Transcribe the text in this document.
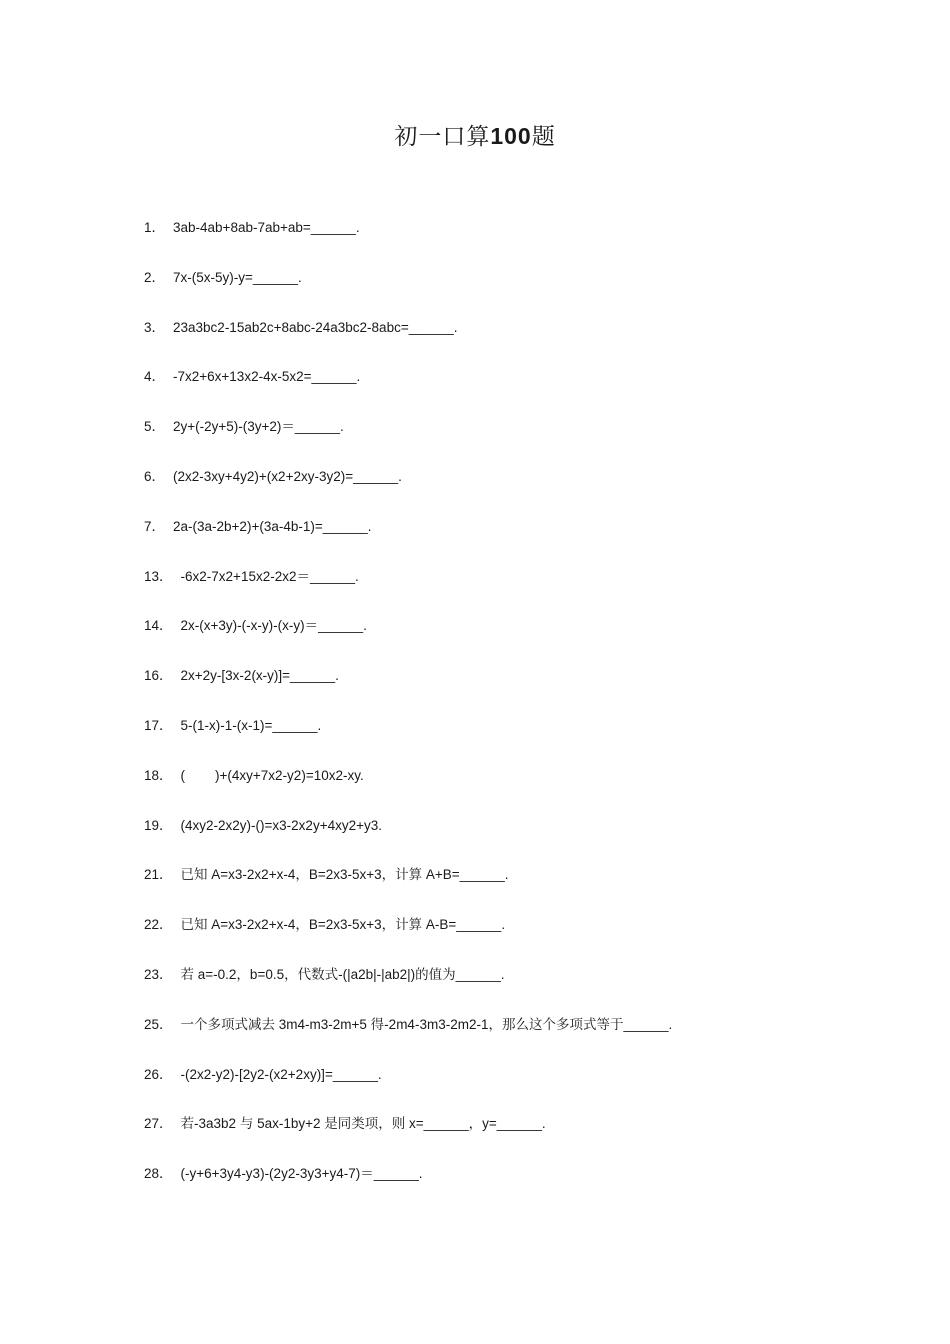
初一口算100题
1． 3ab-4ab+8ab-7ab+ab=______.
2． 7x-(5x-5y)-y=______.
3． 23a3bc2-15ab2c+8abc-24a3bc2-8abc=______.
4． -7x2+6x+13x2-4x-5x2=______.
5． 2y+(-2y+5)-(3y+2)＝______.
6． (2x2-3xy+4y2)+(x2+2xy-3y2)=______.
7． 2a-(3a-2b+2)+(3a-4b-1)=______.
13． -6x2-7x2+15x2-2x2＝______.
14． 2x-(x+3y)-(-x-y)-(x-y)＝______.
16． 2x+2y-[3x-2(x-y)]=______.
17． 5-(1-x)-1-(x-1)=______.
18． (        )+(4xy+7x2-y2)=10x2-xy.
19． (4xy2-2x2y)-()=x3-2x2y+4xy2+y3.
21． 已知 A=x3-2x2+x-4，B=2x3-5x+3，计算 A+B=______.
22． 已知 A=x3-2x2+x-4，B=2x3-5x+3，计算 A-B=______.
23． 若 a=-0.2，b=0.5，代数式-(|a2b|-|ab2|)的值为______.
25． 一个多项式减去 3m4-m3-2m+5 得-2m4-3m3-2m2-1，那么这个多项式等于______.
26． -(2x2-y2)-[2y2-(x2+2xy)]=______.
27． 若-3a3b2 与 5ax-1by+2 是同类项，则 x=______，y=______.
28． (-y+6+3y4-y3)-(2y2-3y3+y4-7)＝______.
